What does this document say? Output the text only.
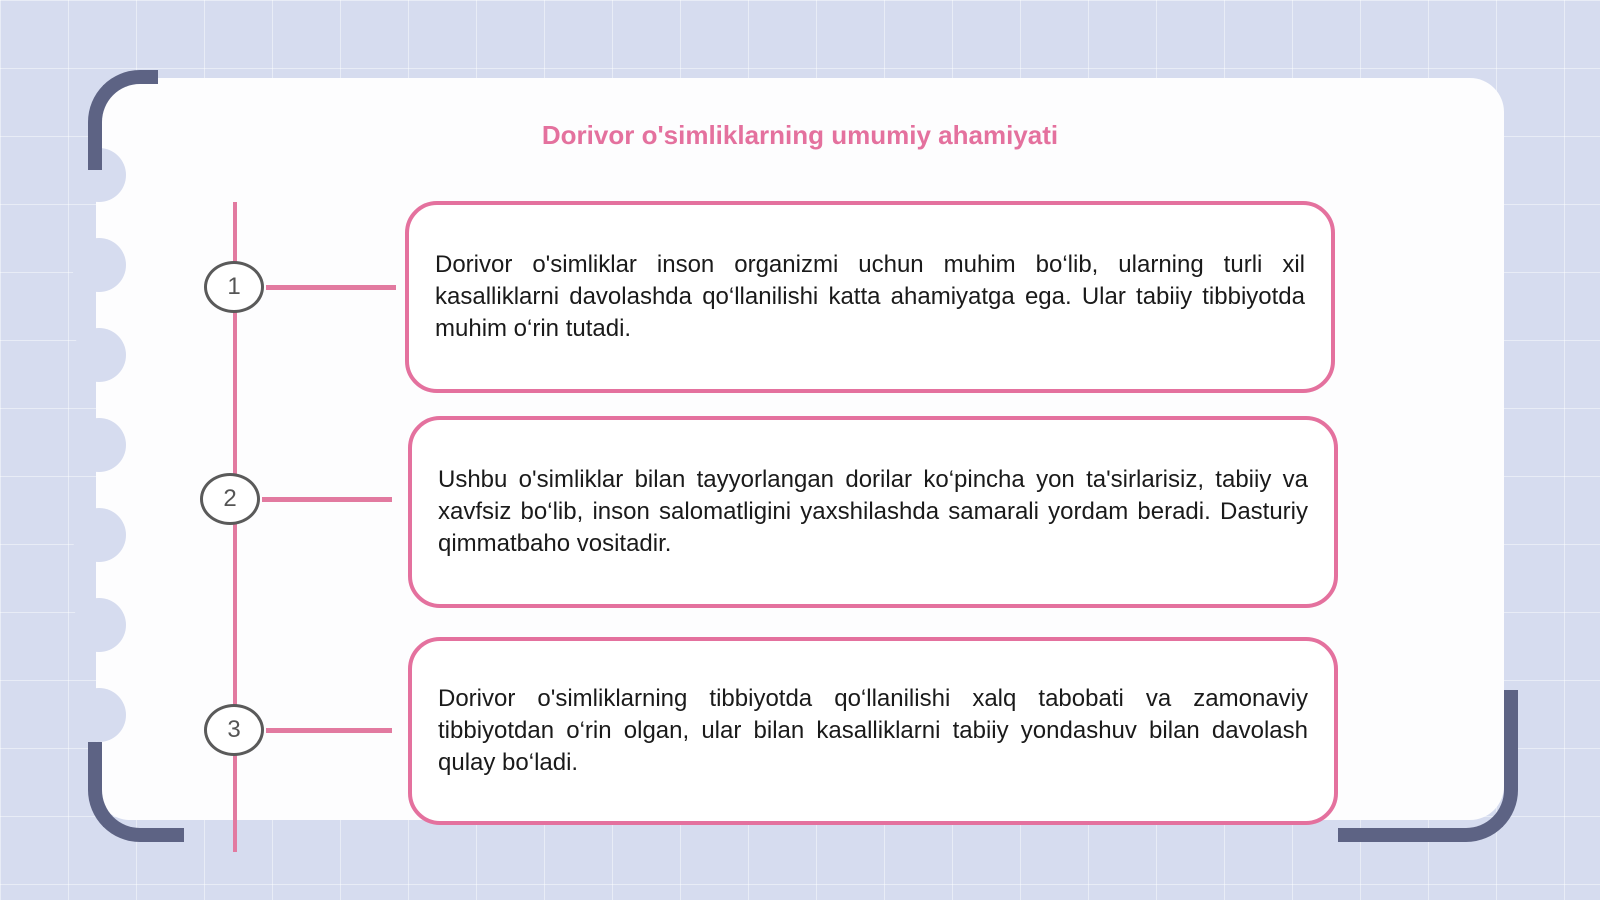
Dorivor o'simliklarning umumiy ahamiyati
1
2
3

Dorivor o'simliklar inson organizmi uchun muhim bo‘lib, ularning turli xil kasalliklarni davolashda qo‘llanilishi katta ahamiyatga ega. Ular tabiiy tibbiyotda muhim o‘rin tutadi.

Ushbu o'simliklar bilan tayyorlangan dorilar ko‘pincha yon ta'sirlarisiz, tabiiy va xavfsiz bo‘lib, inson salomatligini yaxshilashda samarali yordam beradi. Dasturiy qimmatbaho vositadir.

Dorivor o'simliklarning tibbiyotda qo‘llanilishi xalq tabobati va zamonaviy tibbiyotdan o‘rin olgan, ular bilan kasalliklarni tabiiy yondashuv bilan davolash qulay bo‘ladi.
